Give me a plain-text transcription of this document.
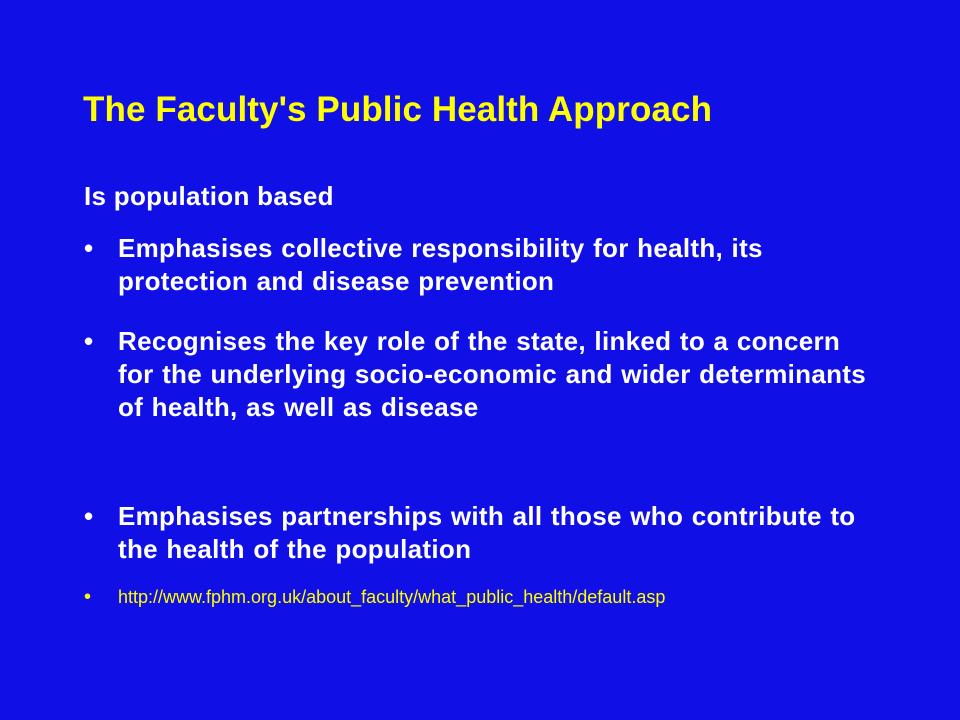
The Faculty's Public Health Approach
Is population based
• Emphasises collective responsibility for health, its protection and disease prevention
• Recognises the key role of the state, linked to a concern for the underlying socio-economic and wider determinants of health, as well as disease
• Emphasises partnerships with all those who contribute to the health of the population
• http://www.fphm.org.uk/about_faculty/what_public_health/default.asp
